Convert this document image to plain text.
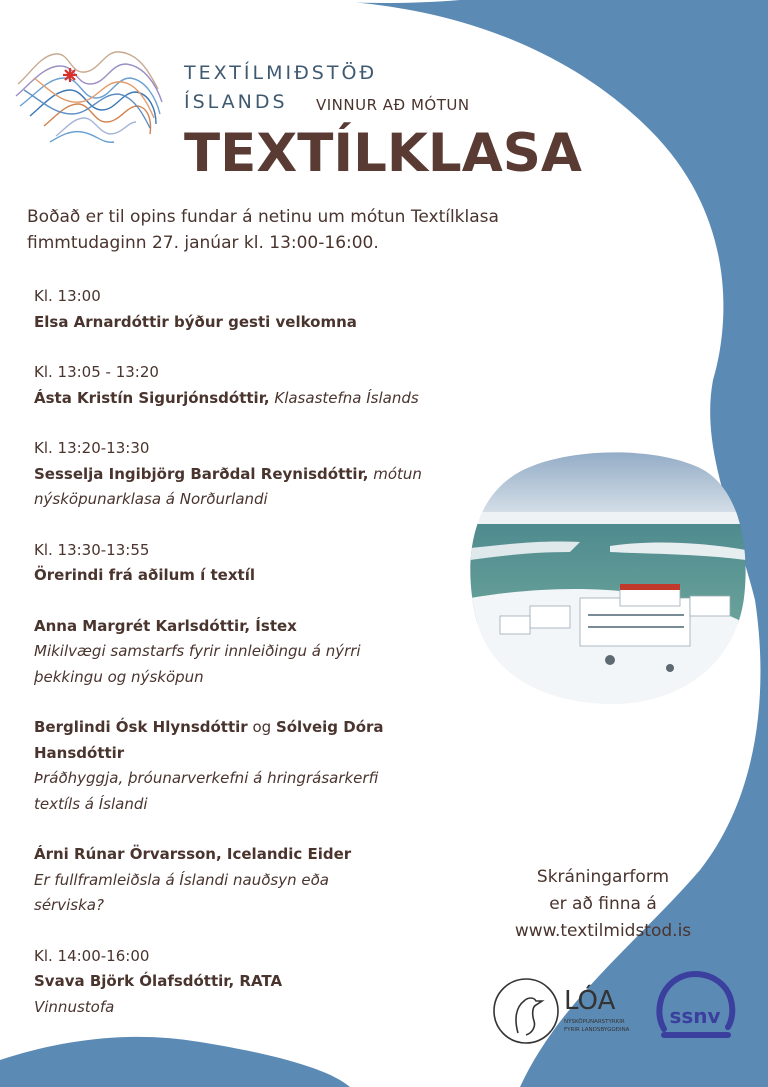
TEXTÍLMIÐSTÖÐ
ÍSLANDS VINNUR AÐ MÓTUN
TEXTÍLKLASA
Boðað er til opins fundar á netinu um mótun Textílklasa
fimmtudaginn 27. janúar kl. 13:00-16:00.
Kl. 13:00
Elsa Arnardóttir býður gesti velkomna
Kl. 13:05 - 13:20
Ásta Kristín Sigurjónsdóttir, Klasastefna Íslands
Kl. 13:20-13:30
Sesselja Ingibjörg Barðdal Reynisdóttir, mótun
nýsköpunarklasa á Norðurlandi
Kl. 13:30-13:55
Örerindi frá aðilum í textíl
Anna Margrét Karlsdóttir, Ístex
Mikilvægi samstarfs fyrir innleiðingu á nýrri
þekkingu og nýsköpun
Berglindi Ósk Hlynsdóttir og Sólveig Dóra
Hansdóttir
Þráðhyggja, þróunarverkefni á hringrásarkerfi
textíls á Íslandi
Árni Rúnar Örvarsson, Icelandic Eider
Er fullframleiðsla á Íslandi nauðsyn eða
sérviska?
Kl. 14:00-16:00
Svava Björk Ólafsdóttir, RATA
Vinnustofa
Skráningarform
er að finna á
www.textilmidstod.is
LÓA
NÝSKÖPUNARSTYRKIR
FYRIR LANDSBYGGÐINA
ssnv
